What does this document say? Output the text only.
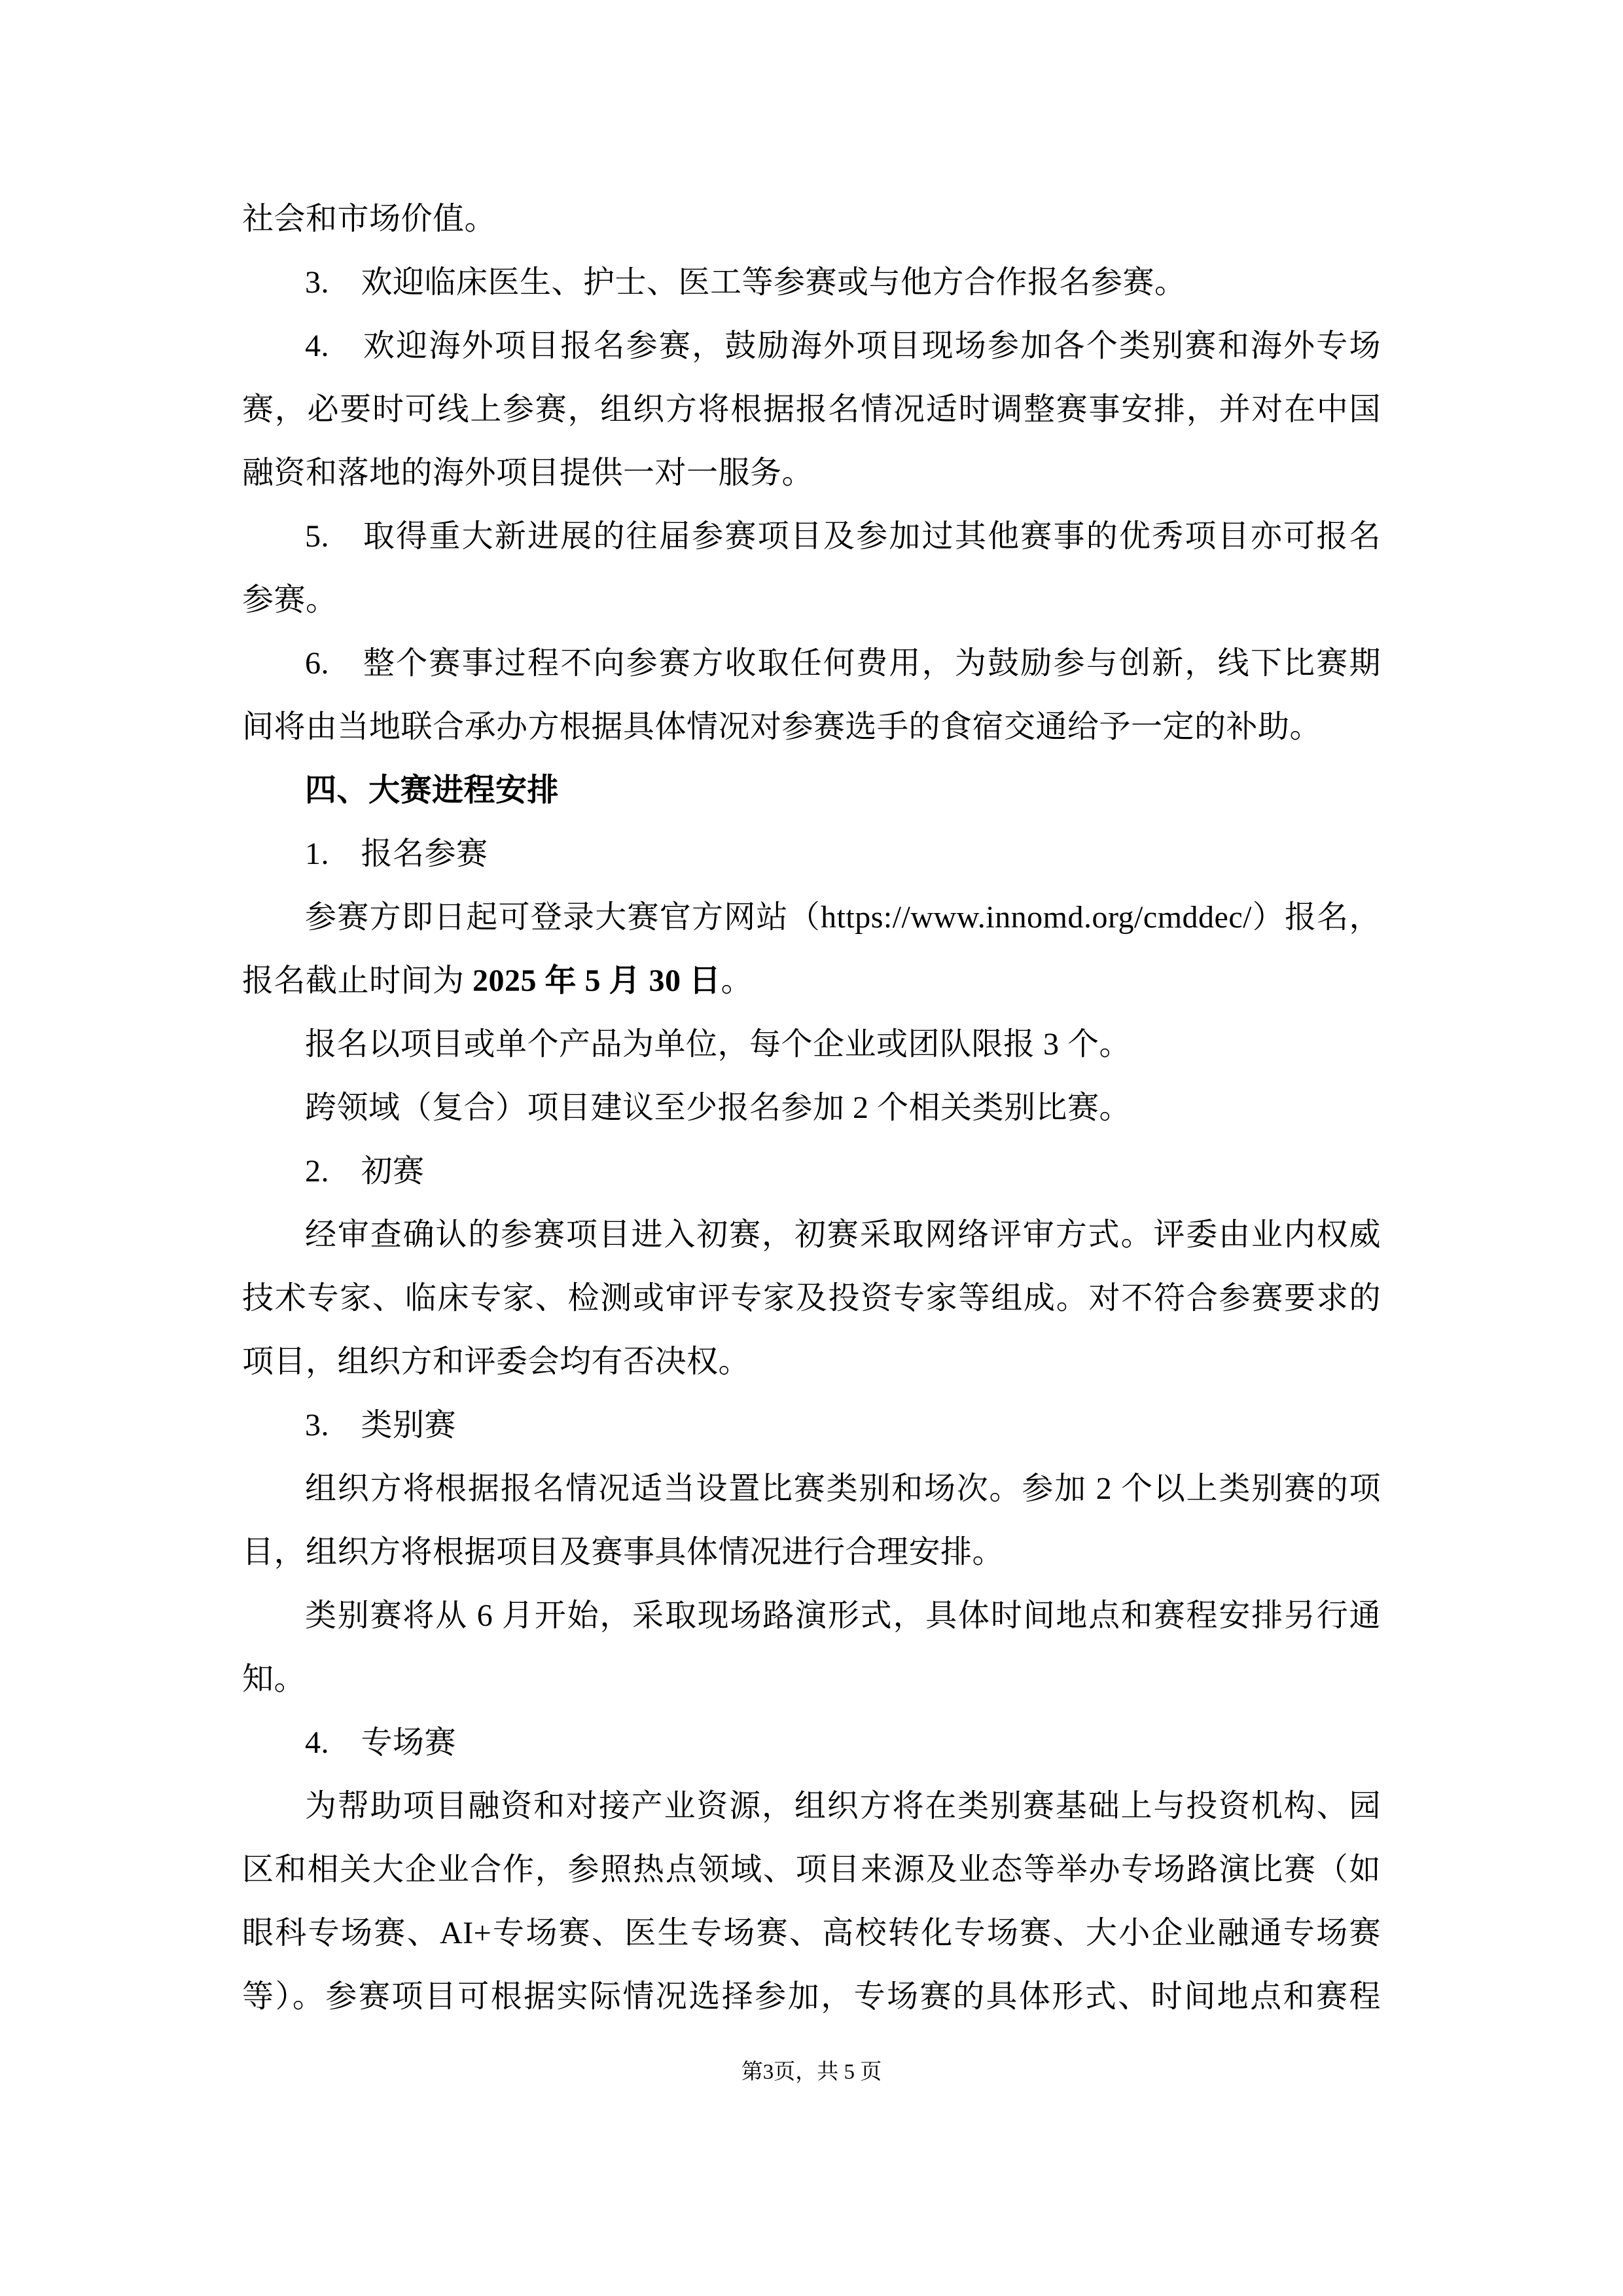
社会和市场价值。
3.　欢迎临床医生、护士、医工等参赛或与他方合作报名参赛。
4.　欢迎海外项目报名参赛，鼓励海外项目现场参加各个类别赛和海外专场
赛，必要时可线上参赛，组织方将根据报名情况适时调整赛事安排，并对在中国
融资和落地的海外项目提供一对一服务。
5.　取得重大新进展的往届参赛项目及参加过其他赛事的优秀项目亦可报名
参赛。
6.　整个赛事过程不向参赛方收取任何费用，为鼓励参与创新，线下比赛期
间将由当地联合承办方根据具体情况对参赛选手的食宿交通给予一定的补助。
四、大赛进程安排
1.　报名参赛
参赛方即日起可登录大赛官方网站（https://www.innomd.org/cmddec/）报名，
报名截止时间为 2025 年 5 月 30 日。
报名以项目或单个产品为单位，每个企业或团队限报 3 个。
跨领域（复合）项目建议至少报名参加 2 个相关类别比赛。
2.　初赛
经审查确认的参赛项目进入初赛，初赛采取网络评审方式。评委由业内权威
技术专家、临床专家、检测或审评专家及投资专家等组成。对不符合参赛要求的
项目，组织方和评委会均有否决权。
3.　类别赛
组织方将根据报名情况适当设置比赛类别和场次。参加 2 个以上类别赛的项
目，组织方将根据项目及赛事具体情况进行合理安排。
类别赛将从 6 月开始，采取现场路演形式，具体时间地点和赛程安排另行通
知。
4.　专场赛
为帮助项目融资和对接产业资源，组织方将在类别赛基础上与投资机构、园
区和相关大企业合作，参照热点领域、项目来源及业态等举办专场路演比赛（如
眼科专场赛、AI+专场赛、医生专场赛、高校转化专场赛、大小企业融通专场赛
等）。参赛项目可根据实际情况选择参加，专场赛的具体形式、时间地点和赛程
第3页，共 5 页
